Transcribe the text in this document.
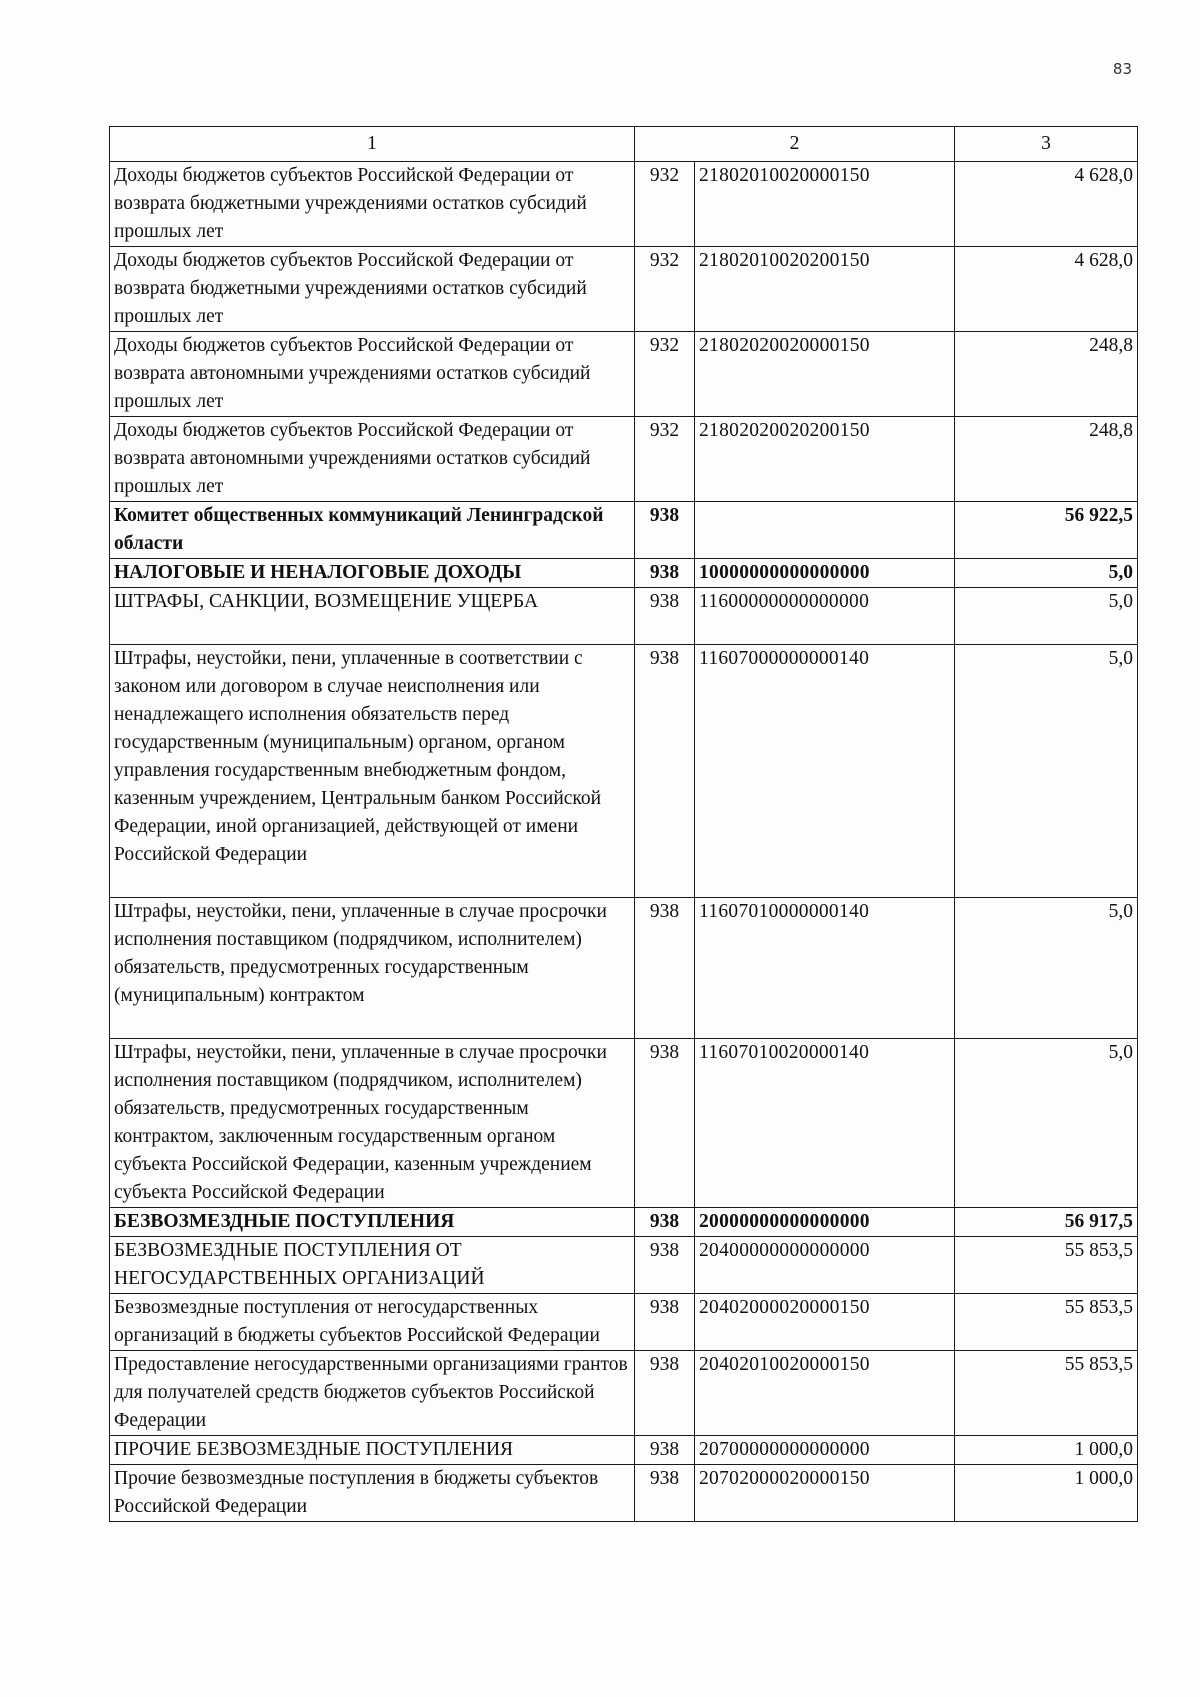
83
1	2		3
Доходы бюджетов субъектов Российской Федерации от возврата бюджетными учреждениями остатков субсидий прошлых лет	932	21802010020000150	4 628,0
Доходы бюджетов субъектов Российской Федерации от возврата бюджетными учреждениями остатков субсидий прошлых лет	932	21802010020200150	4 628,0
Доходы бюджетов субъектов Российской Федерации от возврата автономными учреждениями остатков субсидий прошлых лет	932	21802020020000150	248,8
Доходы бюджетов субъектов Российской Федерации от возврата автономными учреждениями остатков субсидий прошлых лет	932	21802020020200150	248,8
Комитет общественных коммуникаций Ленинградской области	938		56 922,5
НАЛОГОВЫЕ И НЕНАЛОГОВЫЕ ДОХОДЫ	938	10000000000000000	5,0
ШТРАФЫ, САНКЦИИ, ВОЗМЕЩЕНИЕ УЩЕРБА	938	11600000000000000	5,0
Штрафы, неустойки, пени, уплаченные в соответствии с законом или договором в случае неисполнения или ненадлежащего исполнения обязательств перед государственным (муниципальным) органом, органом управления государственным внебюджетным фондом, казенным учреждением, Центральным банком Российской Федерации, иной организацией, действующей от имени Российской Федерации	938	11607000000000140	5,0
Штрафы, неустойки, пени, уплаченные в случае просрочки исполнения поставщиком (подрядчиком, исполнителем) обязательств, предусмотренных государственным (муниципальным) контрактом	938	11607010000000140	5,0
Штрафы, неустойки, пени, уплаченные в случае просрочки исполнения поставщиком (подрядчиком, исполнителем) обязательств, предусмотренных государственным контрактом, заключенным государственным органом субъекта Российской Федерации, казенным учреждением субъекта Российской Федерации	938	11607010020000140	5,0
БЕЗВОЗМЕЗДНЫЕ ПОСТУПЛЕНИЯ	938	20000000000000000	56 917,5
БЕЗВОЗМЕЗДНЫЕ ПОСТУПЛЕНИЯ ОТ НЕГОСУДАРСТВЕННЫХ ОРГАНИЗАЦИЙ	938	20400000000000000	55 853,5
Безвозмездные поступления от негосударственных организаций в бюджеты субъектов Российской Федерации	938	20402000020000150	55 853,5
Предоставление негосударственными организациями грантов для получателей средств бюджетов субъектов Российской Федерации	938	20402010020000150	55 853,5
ПРОЧИЕ БЕЗВОЗМЕЗДНЫЕ ПОСТУПЛЕНИЯ	938	20700000000000000	1 000,0
Прочие безвозмездные поступления в бюджеты субъектов Российской Федерации	938	20702000020000150	1 000,0
